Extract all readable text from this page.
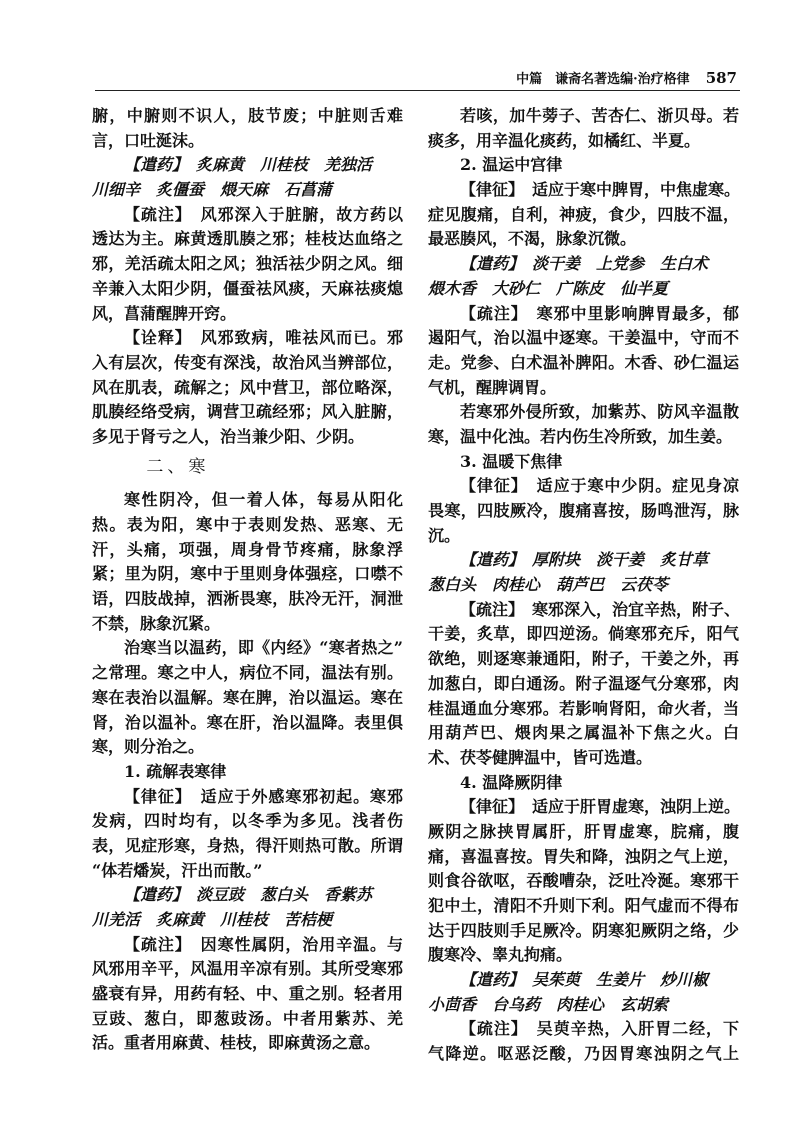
中篇　谦斋名著选编·治疗格律 587
腑，中腑则不识人，肢节废；中脏则舌难
言，口吐涎沫。
【遣药】　炙麻黄　川桂枝　羌独活
川细辛　炙僵蚕　煨天麻　石菖蒲
【疏注】　风邪深入于脏腑，故方药以
透达为主。麻黄透肌腠之邪；桂枝达血络之
邪，羌活疏太阳之风；独活祛少阴之风。细
辛兼入太阳少阴，僵蚕祛风痰，天麻祛痰熄
风，菖蒲醒脾开窍。
【诠释】　风邪致病，唯祛风而已。邪
入有层次，传变有深浅，故治风当辨部位，
风在肌表，疏解之；风中营卫，部位略深，
肌腠经络受病，调营卫疏经邪；风入脏腑，
多见于肾亏之人，治当兼少阳、少阴。
二、寒
寒性阴冷，但一着人体，每易从阳化
热。表为阳，寒中于表则发热、恶寒、无
汗，头痛，项强，周身骨节疼痛，脉象浮
紧；里为阴，寒中于里则身体强痉，口噤不
语，四肢战掉，洒淅畏寒，肤冷无汗，洞泄
不禁，脉象沉紧。
治寒当以温药，即《内经》“寒者热之”
之常理。寒之中人，病位不同，温法有别。
寒在表治以温解。寒在脾，治以温运。寒在
肾，治以温补。寒在肝，治以温降。表里俱
寒，则分治之。
1. 疏解表寒律
【律征】　适应于外感寒邪初起。寒邪
发病，四时均有，以冬季为多见。浅者伤
表，见症形寒，身热，得汗则热可散。所谓
“体若燔炭，汗出而散。”
【遣药】　淡豆豉　葱白头　香紫苏
川羌活　炙麻黄　川桂枝　苦桔梗
【疏注】　因寒性属阴，治用辛温。与
风邪用辛平，风温用辛凉有别。其所受寒邪
盛衰有异，用药有轻、中、重之别。轻者用
豆豉、葱白，即葱豉汤。中者用紫苏、羌
活。重者用麻黄、桂枝，即麻黄汤之意。
若咳，加牛蒡子、苦杏仁、浙贝母。若
痰多，用辛温化痰药，如橘红、半夏。
2. 温运中宫律
【律征】　适应于寒中脾胃，中焦虚寒。
症见腹痛，自利，神疲，食少，四肢不温，
最恶腠风，不渴，脉象沉微。
【遣药】　淡干姜　上党参　生白术
煨木香　大砂仁　广陈皮　仙半夏
【疏注】　寒邪中里影响脾胃最多，郁
遏阳气，治以温中逐寒。干姜温中，守而不
走。党参、白术温补脾阳。木香、砂仁温运
气机，醒脾调胃。
若寒邪外侵所致，加紫苏、防风辛温散
寒，温中化浊。若内伤生冷所致，加生姜。
3. 温暖下焦律
【律征】　适应于寒中少阴。症见身凉
畏寒，四肢厥冷，腹痛喜按，肠鸣泄泻，脉
沉。
【遣药】　厚附块　淡干姜　炙甘草
葱白头　肉桂心　葫芦巴　云茯苓
【疏注】　寒邪深入，治宜辛热，附子、
干姜，炙草，即四逆汤。倘寒邪充斥，阳气
欲绝，则逐寒兼通阳，附子，干姜之外，再
加葱白，即白通汤。附子温逐气分寒邪，肉
桂温通血分寒邪。若影响肾阳，命火者，当
用葫芦巴、煨肉果之属温补下焦之火。白
术、茯苓健脾温中，皆可选遣。
4. 温降厥阴律
【律征】　适应于肝胃虚寒，浊阴上逆。
厥阴之脉挟胃属肝，肝胃虚寒，脘痛，腹
痛，喜温喜按。胃失和降，浊阴之气上逆，
则食谷欲呕，吞酸嘈杂，泛吐冷涎。寒邪干
犯中土，清阳不升则下利。阳气虚而不得布
达于四肢则手足厥冷。阴寒犯厥阴之络，少
腹寒冷、睾丸拘痛。
【遣药】　吴茱萸　生姜片　炒川椒
小茴香　台乌药　肉桂心　玄胡索
【疏注】　吴萸辛热，入肝胃二经，下
气降逆。呕恶泛酸，乃因胃寒浊阴之气上
